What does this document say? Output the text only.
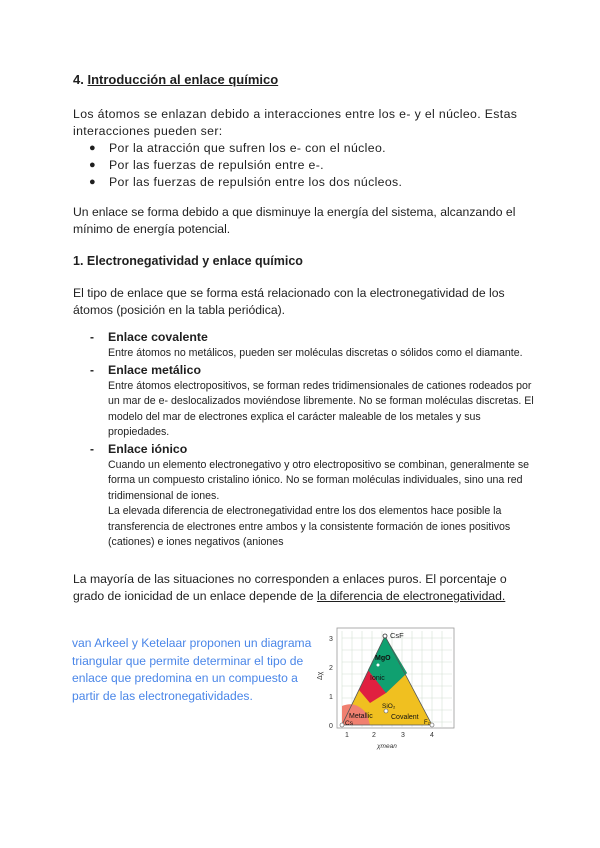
4. Introducción al enlace químico
Los átomos se enlazan debido a interacciones entre los e- y el núcleo. Estas interacciones pueden ser:
● Por la atracción que sufren los e- con el núcleo.
● Por las fuerzas de repulsión entre e-.
● Por las fuerzas de repulsión entre los dos núcleos.
Un enlace se forma debido a que disminuye la energía del sistema, alcanzando el mínimo de energía potencial.
1. Electronegatividad y enlace químico
El tipo de enlace que se forma está relacionado con la electronegatividad de los átomos (posición en la tabla periódica).
- Enlace covalente
Entre átomos no metálicos, pueden ser moléculas discretas o sólidos como el diamante.
- Enlace metálico
Entre átomos electropositivos, se forman redes tridimensionales de cationes rodeados por un mar de e- deslocalizados moviéndose libremente. No se forman moléculas discretas. El modelo del mar de electrones explica el carácter maleable de los metales y sus propiedades.
- Enlace iónico
Cuando un elemento electronegativo y otro electropositivo se combinan, generalmente se forma un compuesto cristalino iónico. No se forman moléculas individuales, sino una red tridimensional de iones.
La elevada diferencia de electronegatividad entre los dos elementos hace posible la transferencia de electrones entre ambos y la consistente formación de iones positivos (cationes) e iones negativos (aniones
La mayoría de las situaciones no corresponden a enlaces puros. El porcentaje o grado de ionicidad de un enlace depende de la diferencia de electronegatividad.
van Arkeel y Ketelaar proponen un diagrama triangular que permite determinar el tipo de enlace que predomina en un compuesto a partir de las electronegatividades.
CsF
MgO
Ionic
SiO₂
Metallic	Covalent
Cs	F₂
0
1
2
3
1	2	3	4
Δχ
χmean
